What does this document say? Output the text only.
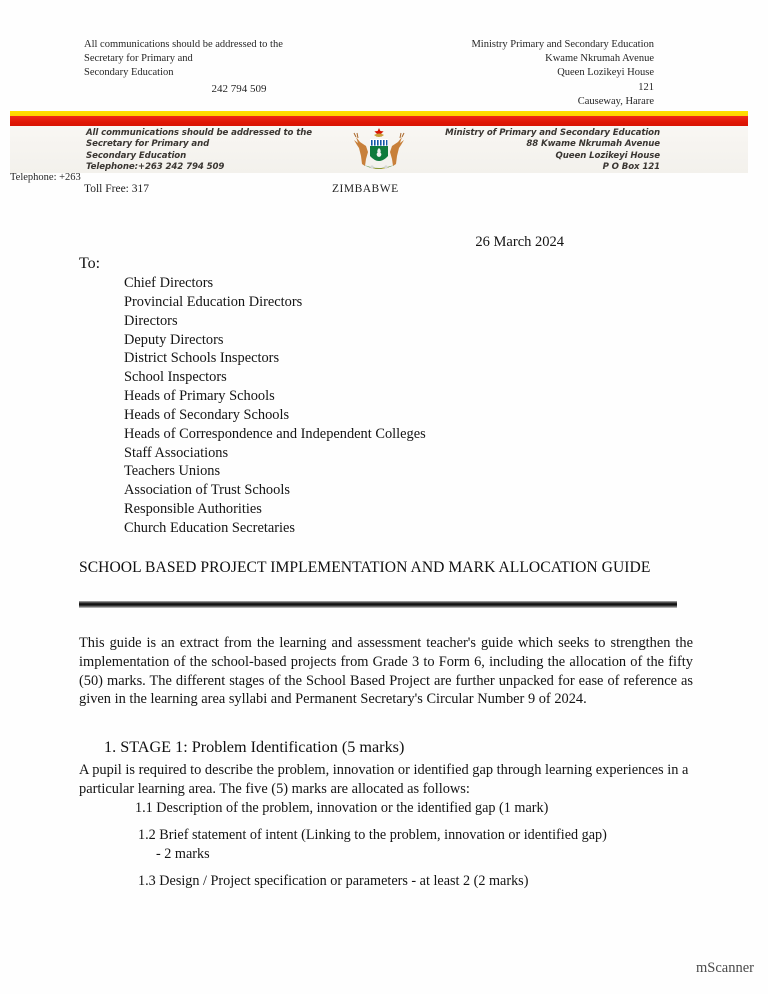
All communications should be addressed to the
Secretary for Primary and
Secondary Education
242 794 509
Ministry Primary and Secondary Education
Kwame Nkrumah Avenue
Queen Lozikeyi House
121
Causeway, Harare
All communications should be addressed to the
Secretary for Primary and
Secondary Education
Telephone:+263 242 794 509
Ministry of Primary and Secondary Education
88 Kwame Nkrumah Avenue
Queen Lozikeyi House
P O Box 121
Telephone: +263
Toll Free: 317	ZIMBABWE
26 March 2024
To:
Chief Directors
Provincial Education Directors
Directors
Deputy Directors
District Schools Inspectors
School Inspectors
Heads of Primary Schools
Heads of Secondary Schools
Heads of Correspondence and Independent Colleges
Staff Associations
Teachers Unions
Association of Trust Schools
Responsible Authorities
Church Education Secretaries
SCHOOL BASED PROJECT IMPLEMENTATION AND MARK ALLOCATION GUIDE
This guide is an extract from the learning and assessment teacher's guide which seeks to strengthen the implementation of the school-based projects from Grade 3 to Form 6, including the allocation of the fifty (50) marks. The different stages of the School Based Project are further unpacked for ease of reference as given in the learning area syllabi and Permanent Secretary's Circular Number 9 of 2024.
1. STAGE 1: Problem Identification (5 marks)
A pupil is required to describe the problem, innovation or identified gap through learning experiences in a particular learning area. The five (5) marks are allocated as follows:
1.1 Description of the problem, innovation or the identified gap (1 mark)
1.2 Brief statement of intent (Linking to the problem, innovation or identified gap)
- 2 marks
1.3 Design / Project specification or parameters - at least 2 (2 marks)
mScanner
